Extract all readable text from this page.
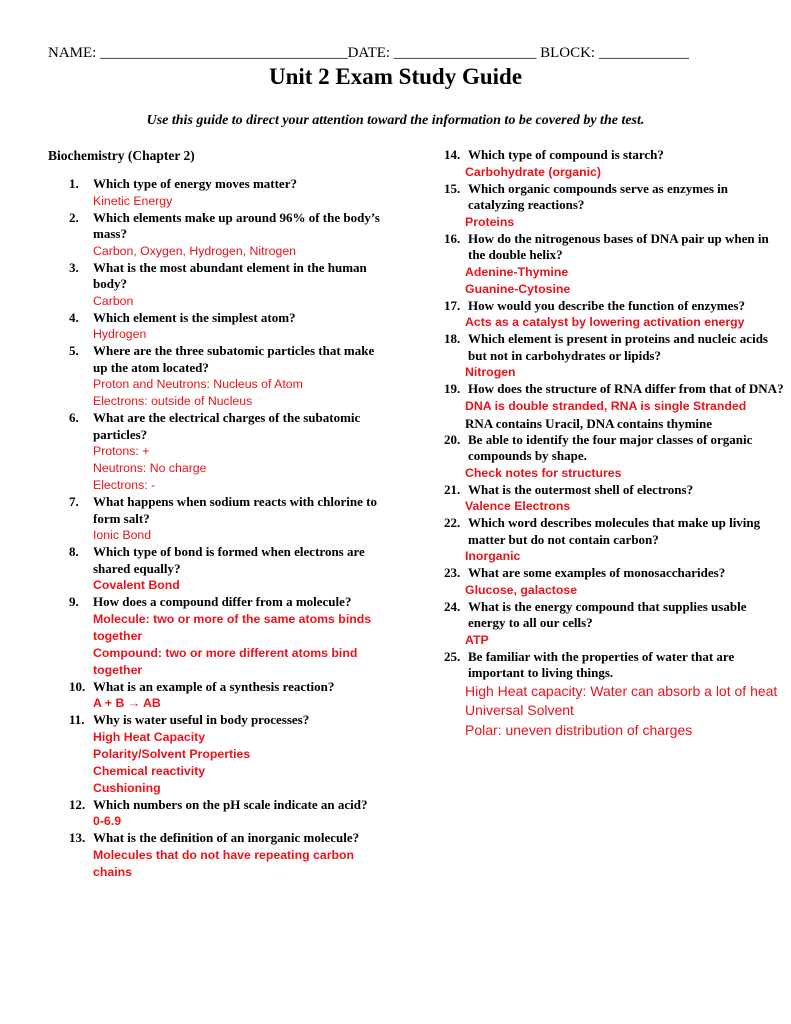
NAME: _________________________________DATE: ___________________ BLOCK: ____________
Unit 2 Exam Study Guide
Use this guide to direct your attention toward the information to be covered by the test.
Biochemistry (Chapter 2)
1.	Which type of energy moves matter?
Kinetic Energy
2.	Which elements make up around 96% of the body’s mass?
Carbon, Oxygen, Hydrogen, Nitrogen
3.	What is the most abundant element in the human body?
Carbon
4.	Which element is the simplest atom?
Hydrogen
5.	Where are the three subatomic particles that make up the atom located?
Proton and Neutrons: Nucleus of Atom
Electrons: outside of Nucleus
6.	What are the electrical charges of the subatomic particles?
Protons: +
Neutrons: No charge
Electrons: -
7.	What happens when sodium reacts with chlorine to form salt?
Ionic Bond
8.	Which type of bond is formed when electrons are shared equally?
Covalent Bond
9.	How does a compound differ from a molecule?
Molecule: two or more of the same atoms binds together
Compound: two or more different atoms bind together
10. What is an example of a synthesis reaction?
A + B → AB
11. Why is water useful in body processes?
High Heat Capacity
Polarity/Solvent Properties
Chemical reactivity
Cushioning
12. Which numbers on the pH scale indicate an acid?
0-6.9
13. What is the definition of an inorganic molecule?
Molecules that do not have repeating carbon chains
14. Which type of compound is starch?
Carbohydrate (organic)
15. Which organic compounds serve as enzymes in catalyzing reactions?
Proteins
16. How do the nitrogenous bases of DNA pair up when in the double helix?
Adenine-Thymine
Guanine-Cytosine
17. How would you describe the function of enzymes?
Acts as a catalyst by lowering activation energy
18. Which element is present in proteins and nucleic acids but not in carbohydrates or lipids?
Nitrogen
19. How does the structure of RNA differ from that of DNA?
DNA is double stranded, RNA is single Stranded
RNA contains Uracil, DNA contains thymine
20. Be able to identify the four major classes of organic compounds by shape.
Check notes for structures
21. What is the outermost shell of electrons?
Valence Electrons
22. Which word describes molecules that make up living matter but do not contain carbon?
Inorganic
23. What are some examples of monosaccharides?
Glucose, galactose
24. What is the energy compound that supplies usable energy to all our cells?
ATP
25. Be familiar with the properties of water that are important to living things.
High Heat capacity: Water can absorb a lot of heat
Universal Solvent
Polar: uneven distribution of charges
